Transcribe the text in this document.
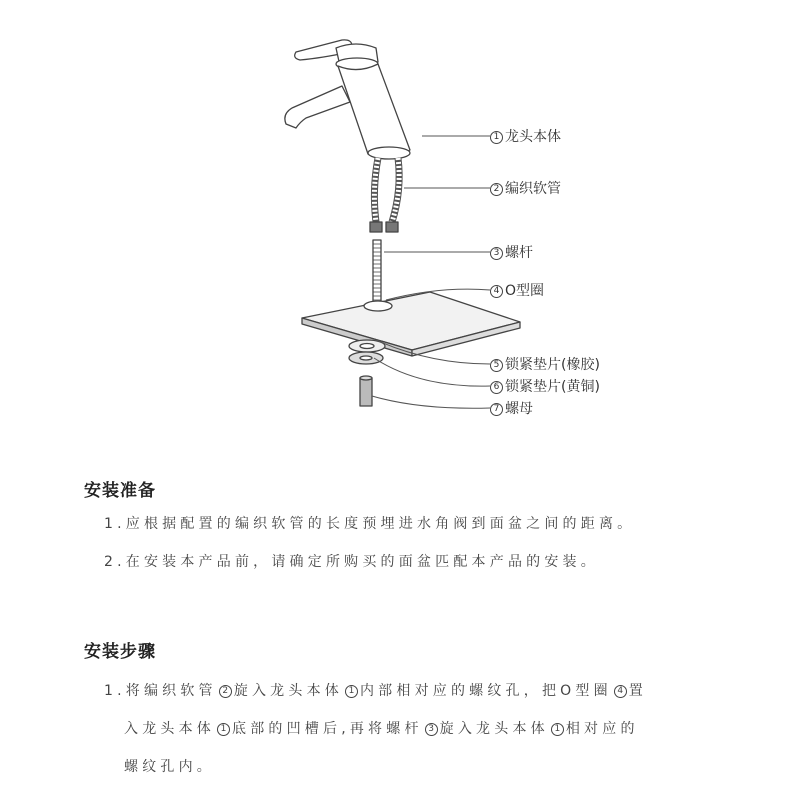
1 龙头本体
2 编织软管
3 螺杆
4 O型圈
5 锁紧垫片(橡胶)
6 锁紧垫片(黄铜)
7 螺母
安装准备
1.应根据配置的编织软管的长度预埋进水角阀到面盆之间的距离。
2.在安装本产品前，请确定所购买的面盆匹配本产品的安装。
安装步骤
1.将编织软管 2 旋入龙头本体 1 内部相对应的螺纹孔，把O型圈 4 置
入龙头本体 1 底部的凹槽后,再将螺杆 3 旋入龙头本体 1 相对应的
螺纹孔内。
